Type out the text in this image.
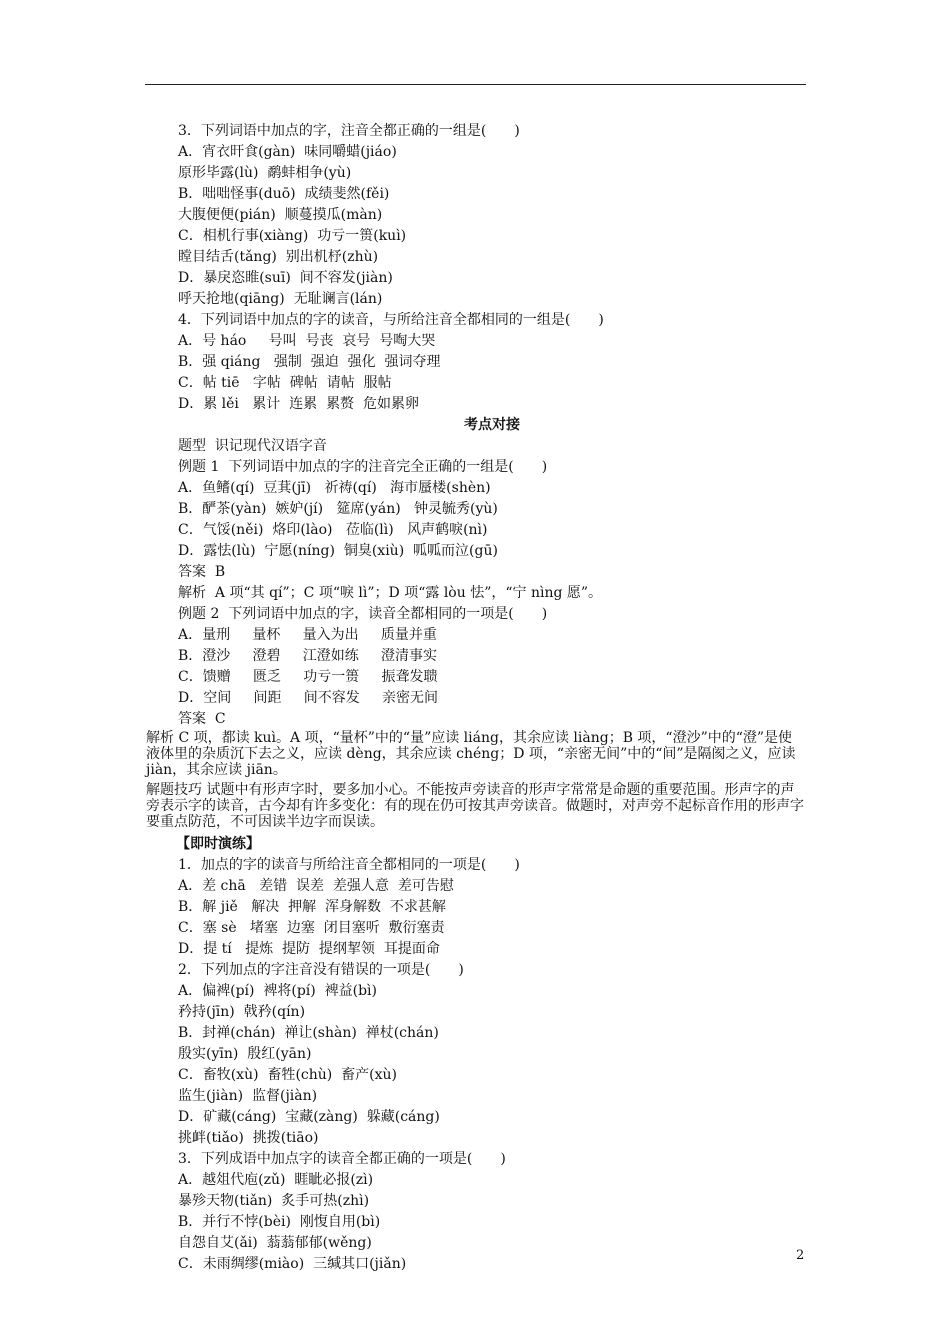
3．下列词语中加点的字，注音全都正确的一组是(　　)
A．宵衣旰食(gàn)  味同嚼蜡(jiáo)
原形毕露(lù)  鹬蚌相争(yù)
B．咄咄怪事(duō)  成绩斐然(fěi)
大腹便便(pián)  顺蔓摸瓜(màn)
C．相机行事(xiàng)  功亏一篑(kuì)
瞠目结舌(tǎng)  别出机杼(zhù)
D．暴戾恣睢(suī)  间不容发(jiàn)
呼天抢地(qiāng)  无耻谰言(lán)
4．下列词语中加点的字的读音，与所给注音全都相同的一组是(　　)
A．号 háo     号叫  号丧  哀号  号啕大哭
B．强 qiáng   强制  强迫  强化  强词夺理
C．帖 tiē   字帖  碑帖  请帖  服帖
D．累 lěi   累计  连累  累赘  危如累卵
考点对接
题型  识记现代汉语字音
例题 1  下列词语中加点的字的注音完全正确的一组是(　　)
A．鱼鳍(qí)  豆萁(jī)   祈祷(qí)   海市蜃楼(shèn)
B．酽茶(yàn)  嫉妒(jí)   筵席(yán)   钟灵毓秀(yù)
C．气馁(něi)  烙印(lào)   莅临(lì)   风声鹤唳(nì)
D．露怯(lù)  宁愿(níng)  铜臭(xiù)  呱呱而泣(gū)
答案  B
解析  A 项“其 qí”；C 项“唳 lì”；D 项“露 lòu 怯”，“宁 nìng 愿”。
例题 2  下列词语中加点的字，读音全都相同的一项是(　　)
A．量刑     量杯     量入为出     质量并重
B．澄沙     澄碧     江澄如练     澄清事实
C．馈赠     匮乏     功亏一篑     振聋发聩
D．空间     间距     间不容发     亲密无间
答案  C
解析 C 项，都读 kuì。A 项，“量杯”中的“量”应读 liáng，其余应读 liàng；B 项，“澄沙”中的“澄”是使液体里的杂质沉下去之义，应读 dèng，其余应读 chéng；D 项，“亲密无间”中的“间”是隔阂之义，应读 jiàn，其余应读 jiān。
解题技巧 试题中有形声字时，要多加小心。不能按声旁读音的形声字常常是命题的重要范围。形声字的声旁表示字的读音，古今却有许多变化：有的现在仍可按其声旁读音。做题时，对声旁不起标音作用的形声字要重点防范，不可因读半边字而误读。
【即时演练】
1．加点的字的读音与所给注音全都相同的一项是(　　)
A．差 chā   差错  误差  差强人意  差可告慰
B．解 jiě   解决  押解  浑身解数  不求甚解
C．塞 sè   堵塞  边塞  闭目塞听  敷衍塞责
D．提 tí   提炼  提防  提纲挈领  耳提面命
2．下列加点的字注音没有错误的一项是(　　)
A．偏裨(pí)  裨将(pí)  裨益(bì)
矜持(jīn)  戟矜(qín)
B．封禅(chán)  禅让(shàn)  禅杖(chán)
殷实(yīn)  殷红(yān)
C．畜牧(xù)  畜牲(chù)  畜产(xù)
监生(jiàn)  监督(jiàn)
D．矿藏(cáng)  宝藏(zàng)  躲藏(cáng)
挑衅(tiǎo)  挑拨(tiāo)
3．下列成语中加点字的读音全都正确的一项是(　　)
A．越俎代庖(zǔ)  睚眦必报(zì)
暴殄天物(tiǎn)  炙手可热(zhì)
B．并行不悖(bèi)  刚愎自用(bì)
自怨自艾(ǎi)  蓊蓊郁郁(wěng)
C．未雨绸缪(miào)  三缄其口(jiǎn)
2
